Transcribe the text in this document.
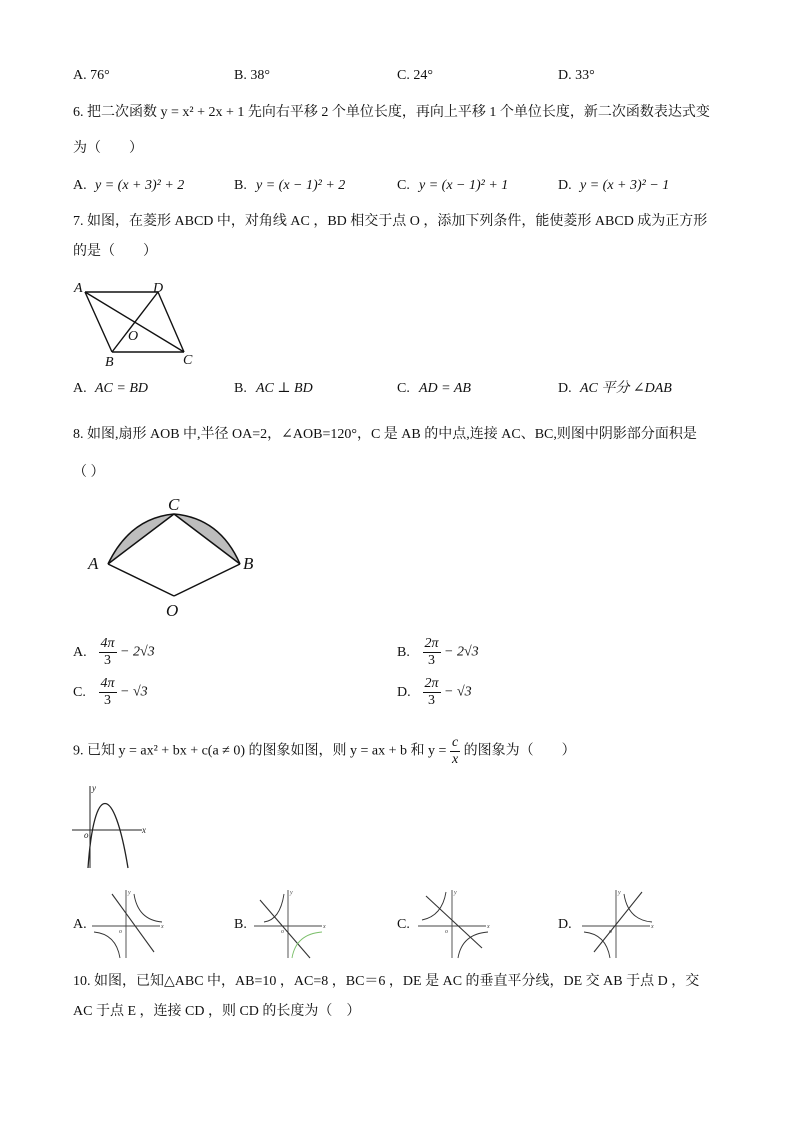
A. 76°	B. 38°	C. 24°	D. 33°
6. 把二次函数 y = x² + 2x + 1 先向右平移 2 个单位长度，再向上平移 1 个单位长度，新二次函数表达式变
为（　　）
A. y = (x + 3)² + 2	B. y = (x − 1)² + 2	C. y = (x − 1)² + 1	D. y = (x + 3)² − 1
7. 如图，在菱形 ABCD 中，对角线 AC ，BD 相交于点 O ，添加下列条件，能使菱形 ABCD 成为正方形
的是（　　）
A	D
O
B	C
A. AC = BD	B. AC ⊥ BD	C. AD = AB	D. AC 平分 ∠DAB
8. 如图,扇形 AOB 中,半径 OA=2，∠AOB=120°，C 是 AB 的中点,连接 AC、BC,则图中阴影部分面积是
（ ）
C
A	B
O
A. $\frac{4\pi}{3} - 2√3$	B. $\frac{2\pi}{3} - 2√3$
C. $\frac{4\pi}{3} - √3$	D. $\frac{2\pi}{3} - √3$
9. 已知 y = ax² + bx + c(a ≠ 0) 的图象如图，则 y = ax + b 和 $y = \frac{c}{x}$ 的图象为（　　）
y
x
o
A.
y
x
o	B.
y
x
o	C.
y
x
o	D.
y
x
o
10. 如图，已知△ABC 中，AB=10 ，AC=8 ，BC＝6 ，DE 是 AC 的垂直平分线，DE 交 AB 于点 D ，交
AC 于点 E ，连接 CD ，则 CD 的长度为（　）
